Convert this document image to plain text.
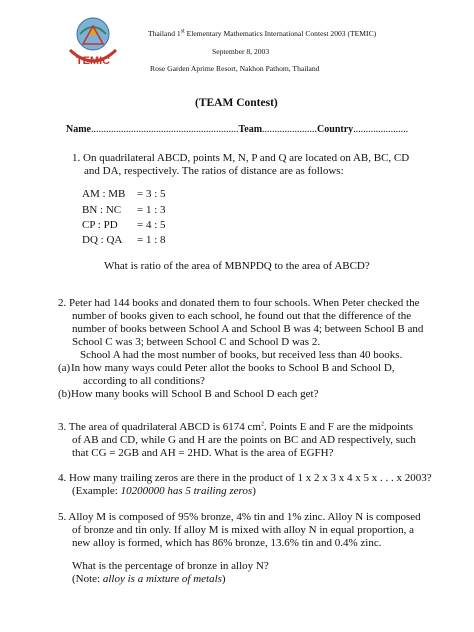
TEMIC
Thailand 1st Elementary Mathematics International Contest 2003 (TEMIC)
September 8, 2003
Rose Garden Aprime Resort, Nakhon Pathom, Thailand
(TEAM Contest)
Name...........................................................Team......................Country......................
1. On quadrilateral ABCD, points M, N, P and Q are located on AB, BC, CD
and DA, respectively. The ratios of distance are as follows:
AM : MB = 3 : 5
BN : NC = 1 : 3
CP : PD = 4 : 5
DQ : QA = 1 : 8
What is ratio of the area of MBNPDQ to the area of ABCD?
2. Peter had 144 books and donated them to four schools. When Peter checked the
number of books given to each school, he found out that the difference of the
number of books between School A and School B was 4; between School B and
School C was 3; between School C and School D was 2.
School A had the most number of books, but received less than 40 books.
(a) In how many ways could Peter allot the books to School B and School D,
according to all conditions?
(b) How many books will School B and School D each get?
3. The area of quadrilateral ABCD is 6174 $cm^2$. Points E and F are the midpoints
of AB and CD, while G and H are the points on BC and AD respectively, such
that CG = 2GB and AH = 2HD. What is the area of EGFH?
4. How many trailing zeros are there in the product of 1 x 2 x 3 x 4 x 5 x . . . x 2003?
(Example: 10200000 has 5 trailing zeros)
5. Alloy M is composed of 95% bronze, 4% tin and 1% zinc. Alloy N is composed
of bronze and tin only. If alloy M is mixed with alloy N in equal proportion, a
new alloy is formed, which has 86% bronze, 13.6% tin and 0.4% zinc.
What is the percentage of bronze in alloy N?
(Note: alloy is a mixture of metals)
